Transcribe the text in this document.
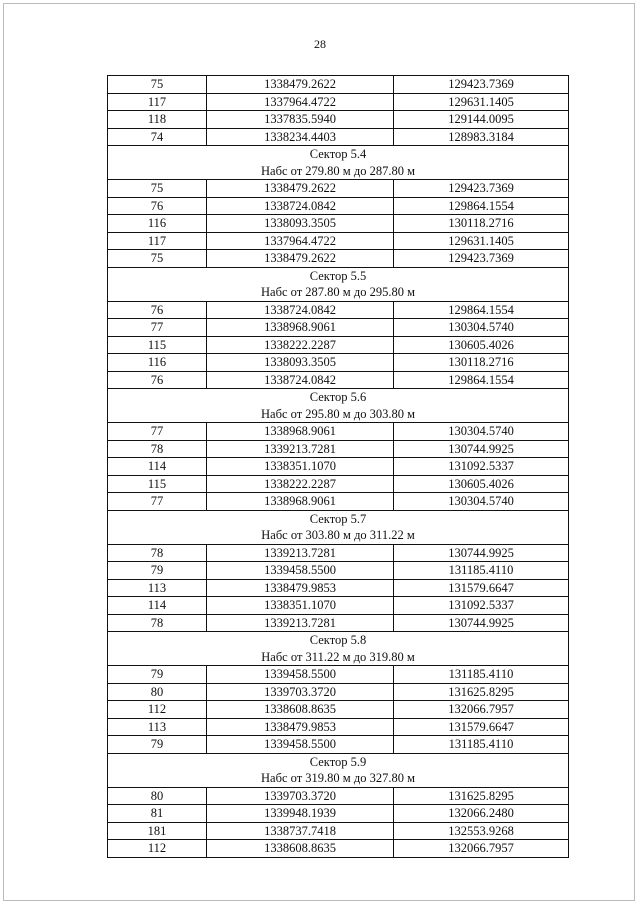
28
75	1338479.2622	129423.7369
117	1337964.4722	129631.1405
118	1337835.5940	129144.0095
74	1338234.4403	128983.3184
Сектор 5.4		
Набс от 279.80 м до 287.80 м		
75	1338479.2622	129423.7369
76	1338724.0842	129864.1554
116	1338093.3505	130118.2716
117	1337964.4722	129631.1405
75	1338479.2622	129423.7369
Сектор 5.5		
Набс от 287.80 м до 295.80 м		
76	1338724.0842	129864.1554
77	1338968.9061	130304.5740
115	1338222.2287	130605.4026
116	1338093.3505	130118.2716
76	1338724.0842	129864.1554
Сектор 5.6		
Набс от 295.80 м до 303.80 м		
77	1338968.9061	130304.5740
78	1339213.7281	130744.9925
114	1338351.1070	131092.5337
115	1338222.2287	130605.4026
77	1338968.9061	130304.5740
Сектор 5.7		
Набс от 303.80 м до 311.22 м		
78	1339213.7281	130744.9925
79	1339458.5500	131185.4110
113	1338479.9853	131579.6647
114	1338351.1070	131092.5337
78	1339213.7281	130744.9925
Сектор 5.8		
Набс от 311.22 м до 319.80 м		
79	1339458.5500	131185.4110
80	1339703.3720	131625.8295
112	1338608.8635	132066.7957
113	1338479.9853	131579.6647
79	1339458.5500	131185.4110
Сектор 5.9		
Набс от 319.80 м до 327.80 м		
80	1339703.3720	131625.8295
81	1339948.1939	132066.2480
181	1338737.7418	132553.9268
112	1338608.8635	132066.7957
